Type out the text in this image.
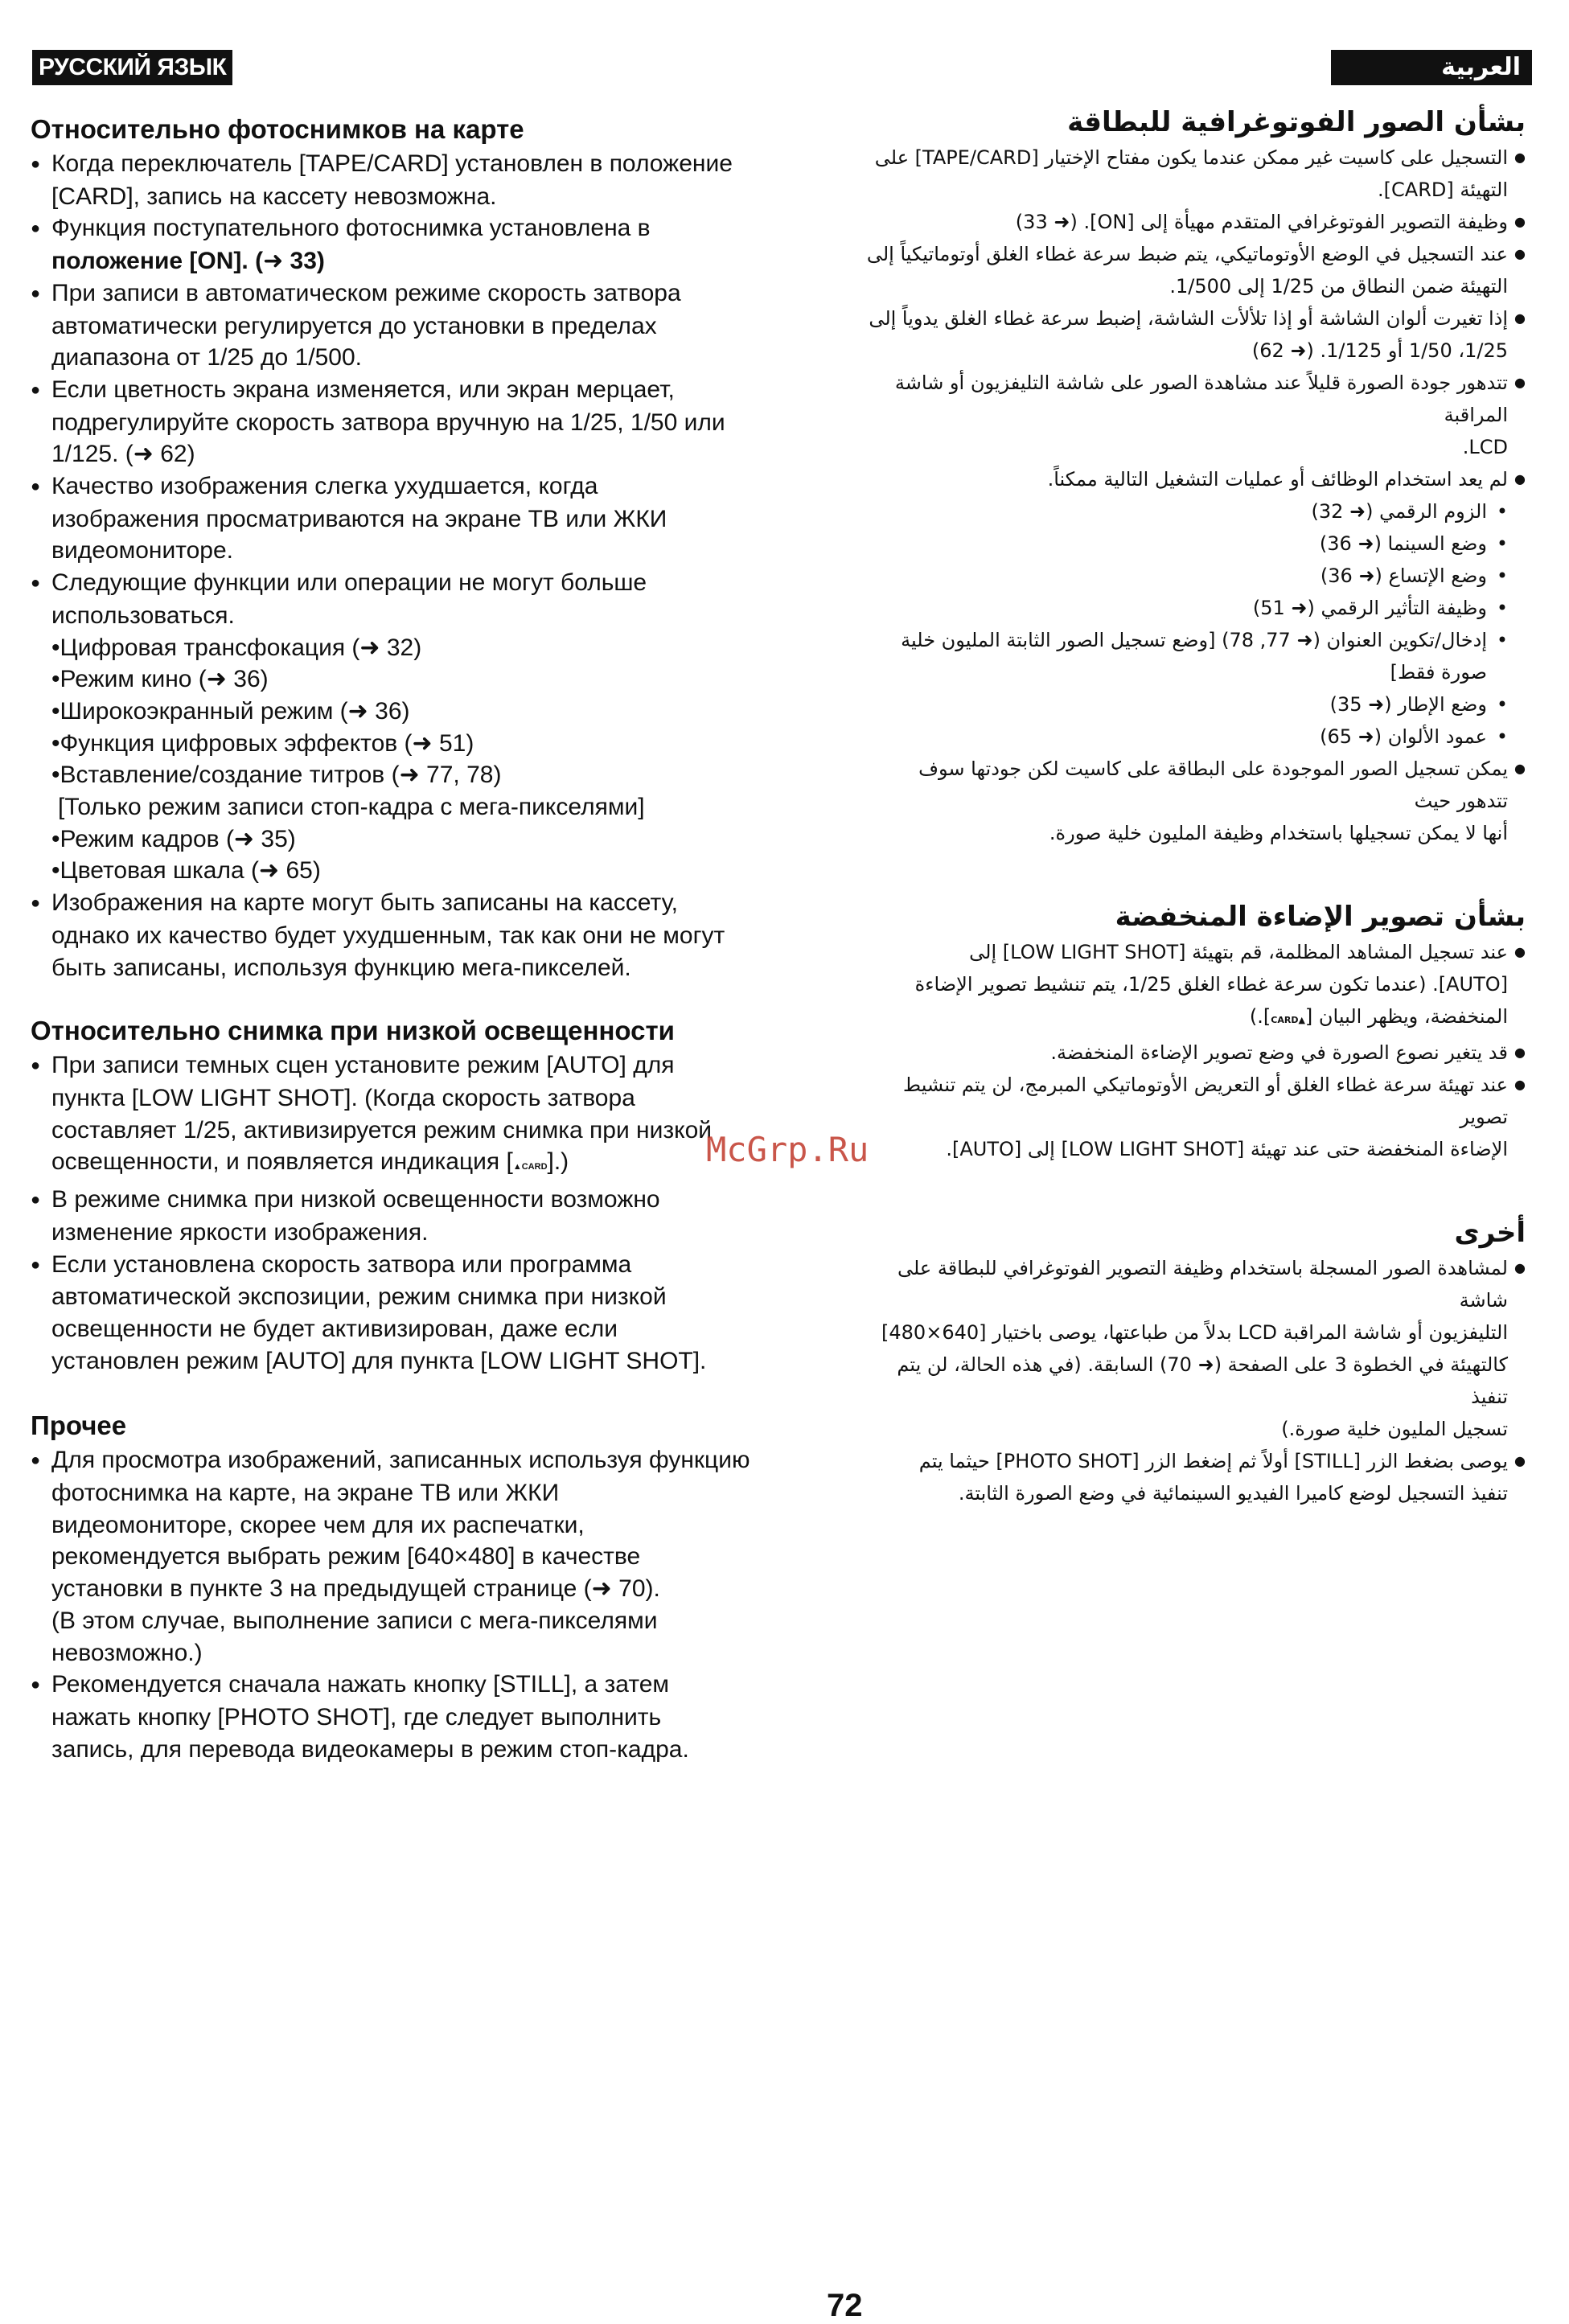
РУССКИЙ ЯЗЫК	العربية
Относительно фотоснимков на карте

● Когда переключатель [TAPE/CARD] установлен в положение
[CARD], запись на кассету невозможна.

● Функция поступательного фотоснимка установлена в
положение [ON]. (➜ 33)

● При записи в автоматическом режиме скорость затвора
автоматически регулируется до установки в пределах
диапазона от 1/25 до 1/500.

● Если цветность экрана изменяется, или экран мерцает,
подрегулируйте скорость затвора вручную на 1/25, 1/50 или
1/125. (➜ 62)

● Качество изображения слегка ухудшается, когда
изображения просматриваются на экране ТВ или ЖКИ
видеомониторе.

● Следующие функции или операции не могут больше
использоваться.

•Цифровая трансфокация (➜ 32)

•Режим кино (➜ 36)

•Широкоэкранный режим (➜ 36)

•Функция цифровых эффектов (➜ 51)

•Вставление/создание титров (➜ 77, 78)

[Только режим записи стоп-кадра с мега-пикселями]

•Режим кадров (➜ 35)

•Цветовая шкала (➜ 65)

● Изображения на карте могут быть записаны на кассету,
однако их качество будет ухудшенным, так как они не могут
быть записаны, используя функцию мега-пикселей.

Относительно снимка при низкой освещенности

● При записи темных сцен установите режим [AUTO] для
пункта [LOW LIGHT SHOT]. (Когда скорость затвора
составляет 1/25, активизируется режим снимка при низкой
освещенности, и появляется индикация [▲CARD].)

● В режиме снимка при низкой освещенности возможно
изменение яркости изображения.

● Если установлена скорость затвора или программа
автоматической экспозиции, режим снимка при низкой
освещенности не будет активизирован, даже если
установлен режим [AUTO] для пункта [LOW LIGHT SHOT].

Прочее

● Для просмотра изображений, записанных используя функцию
фотоснимка на карте, на экране ТВ или ЖКИ
видеомониторе, скорее чем для их распечатки,
рекомендуется выбрать режим [640×480] в качестве
установки в пункте 3 на предыдущей странице (➜ 70).
(В этом случае, выполнение записи с мега-пикселями
невозможно.)

● Рекомендуется сначала нажать кнопку [STILL], а затем
нажать кнопку [PHOTO SHOT], где следует выполнить
запись, для перевода видеокамеры в режим стоп-кадра.

بشأن الصور الفوتوغرافية للبطاقة

● التسجيل على كاسيت غير ممكن عندما يكون مفتاح الإختيار [TAPE/CARD] على
التهيئة [CARD].

● وظيفة التصوير الفوتوغرافي المتقدم مهيأة إلى [ON]. (➜ 33)

● عند التسجيل في الوضع الأوتوماتيكي، يتم ضبط سرعة غطاء الغلق أوتوماتيكياً إلى
التهيئة ضمن النطاق من 1/25 إلى 1/500.

● إذا تغيرت ألوان الشاشة أو إذا تلألأت الشاشة، إضبط سرعة غطاء الغلق يدوياً إلى
1/25، 1/50 أو 1/125. (➜ 62)

● تتدهور جودة الصورة قليلاً عند مشاهدة الصور على شاشة التليفزيون أو شاشة المراقبة
LCD.

● لم يعد استخدام الوظائف أو عمليات التشغيل التالية ممكناً.

• الزوم الرقمي (➜ 32)

• وضع السينما (➜ 36)

• وضع الإتساع (➜ 36)

• وظيفة التأثير الرقمي (➜ 51)

• إدخال/تكوين العنوان (➜ 77, 78) [وضع تسجيل الصور الثابتة المليون خلية
صورة فقط]

• وضع الإطار (➜ 35)

• عمود الألوان (➜ 65)

● يمكن تسجيل الصور الموجودة على البطاقة على كاسيت لكن جودتها سوف تتدهور حيث
أنها لا يمكن تسجيلها باستخدام وظيفة المليون خلية صورة.

بشأن تصوير الإضاءة المنخفضة

● عند تسجيل المشاهد المظلمة، قم بتهيئة [LOW LIGHT SHOT] إلى
[AUTO]. (عندما تكون سرعة غطاء الغلق 1/25، يتم تنشيط تصوير الإضاءة
المنخفضة، ويظهر البيان [▲CARD].)

● قد يتغير نصوع الصورة في وضع تصوير الإضاءة المنخفضة.

● عند تهيئة سرعة غطاء الغلق أو التعريض الأوتوماتيكي المبرمج، لن يتم تنشيط تصوير
الإضاءة المنخفضة حتى عند تهيئة [LOW LIGHT SHOT] إلى [AUTO].

أخرى

● لمشاهدة الصور المسجلة باستخدام وظيفة التصوير الفوتوغرافي للبطاقة على شاشة
التليفزيون أو شاشة المراقبة LCD بدلاً من طباعتها، يوصى باختيار [640×480]
كالتهيئة في الخطوة 3 على الصفحة (➜ 70) السابقة. (في هذه الحالة، لن يتم تنفيذ
تسجيل المليون خلية صورة.)

● يوصى بضغط الزر [STILL] أولاً ثم إضغط الزر [PHOTO SHOT] حيثما يتم
تنفيذ التسجيل لوضع كاميرا الفيديو السينمائية في وضع الصورة الثابتة.

McGrp.Ru
72
